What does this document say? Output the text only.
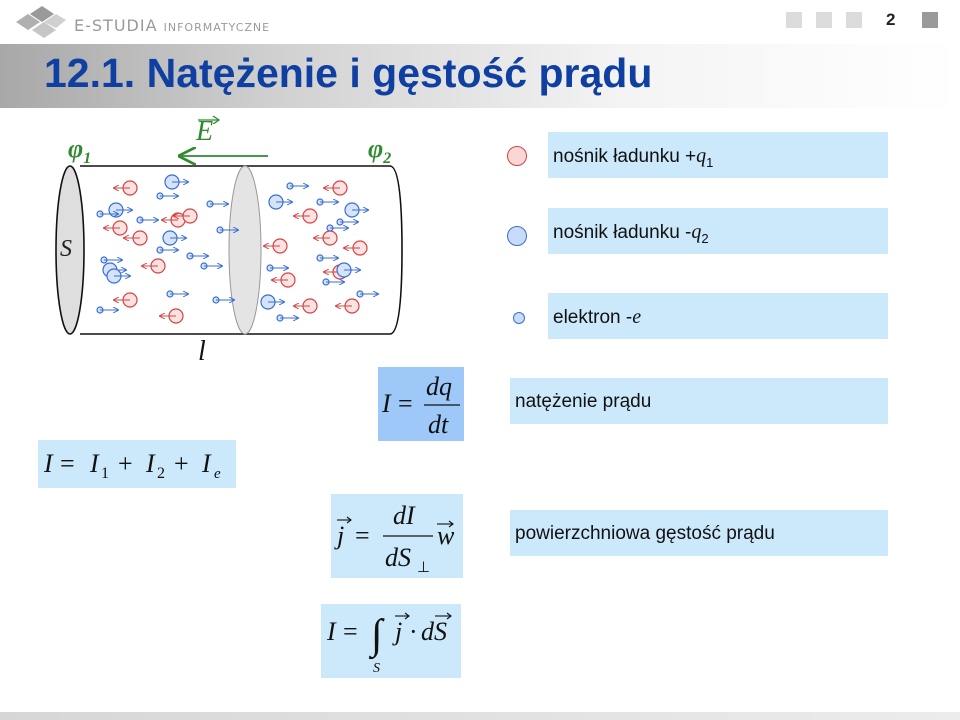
E-STUDIA INFORMATYCZNE	2
12.1. Natężenie i gęstość prądu
$\varphi_1$	$\varphi_2$
E
S
l
nośnik ładunku $+q_1$
nośnik ładunku $-q_2$
elektron -e
natężenie prądu
powierzchniowa gęstość prądu
I =
dq
dt
I = I 1 + I 2 + I e
j =
dI
dS ⊥
w
I = ∫
S
j · dS
